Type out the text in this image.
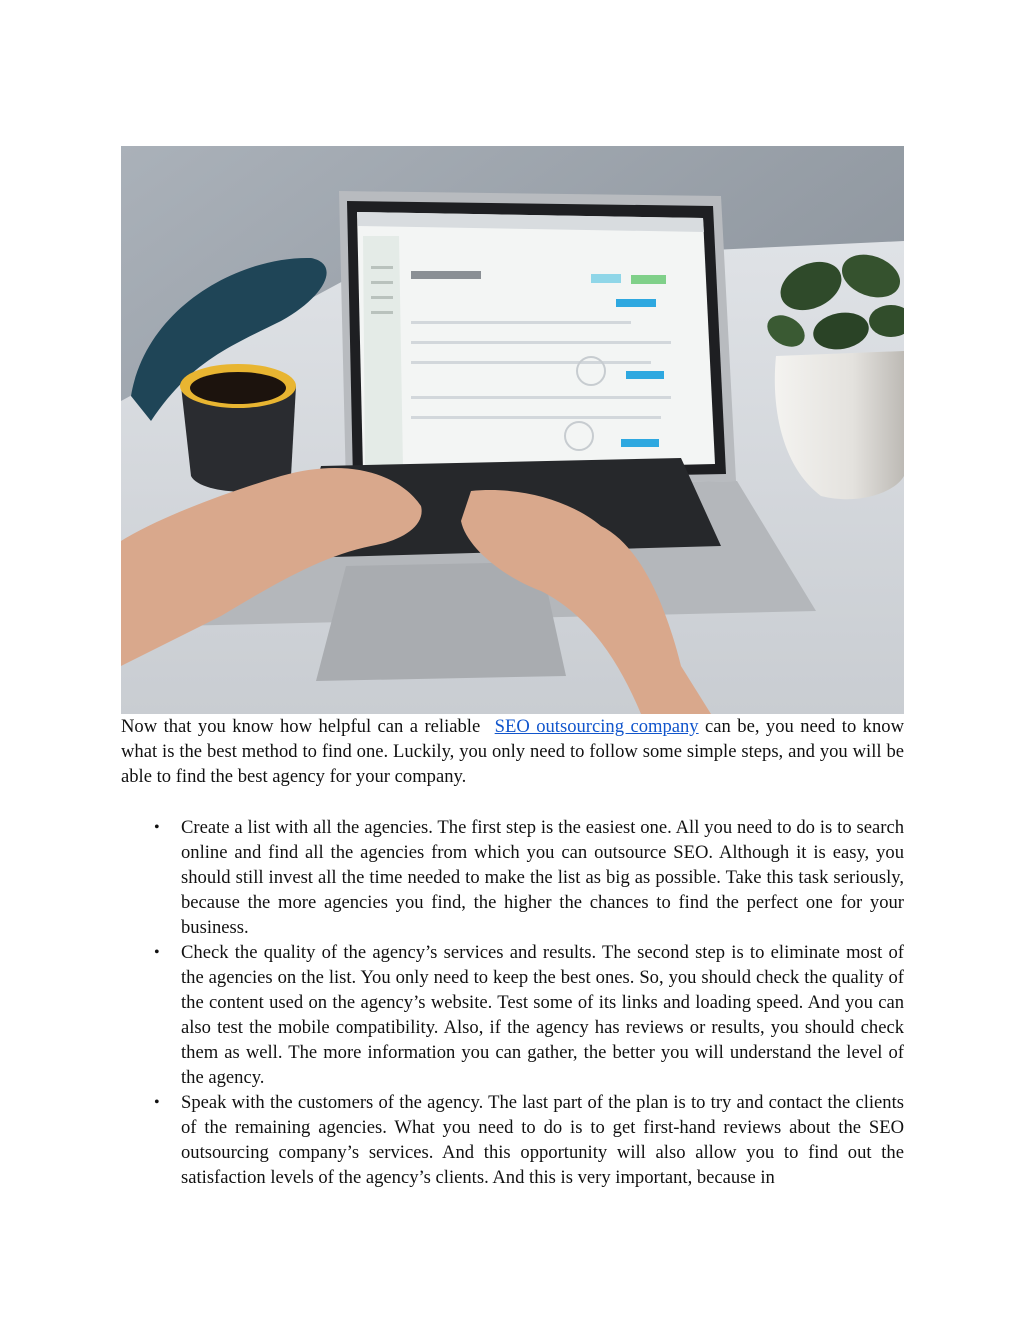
Now that you know how helpful can a reliable SEO outsourcing company can be, you need to know what is the best method to find one. Luckily, you only need to follow some simple steps, and you will be able to find the best agency for your company.

• Create a list with all the agencies. The first step is the easiest one. All you need to do is to search online and find all the agencies from which you can outsource SEO. Although it is easy, you should still invest all the time needed to make the list as big as possible. Take this task seriously, because the more agencies you find, the higher the chances to find the perfect one for your business.
• Check the quality of the agency’s services and results. The second step is to eliminate most of the agencies on the list. You only need to keep the best ones. So, you should check the quality of the content used on the agency’s website. Test some of its links and loading speed. And you can also test the mobile compatibility. Also, if the agency has reviews or results, you should check them as well. The more information you can gather, the better you will understand the level of the agency.
• Speak with the customers of the agency. The last part of the plan is to try and contact the clients of the remaining agencies. What you need to do is to get first-hand reviews about the SEO outsourcing company’s services. And this opportunity will also allow you to find out the satisfaction levels of the agency’s clients. And this is very important, because in
